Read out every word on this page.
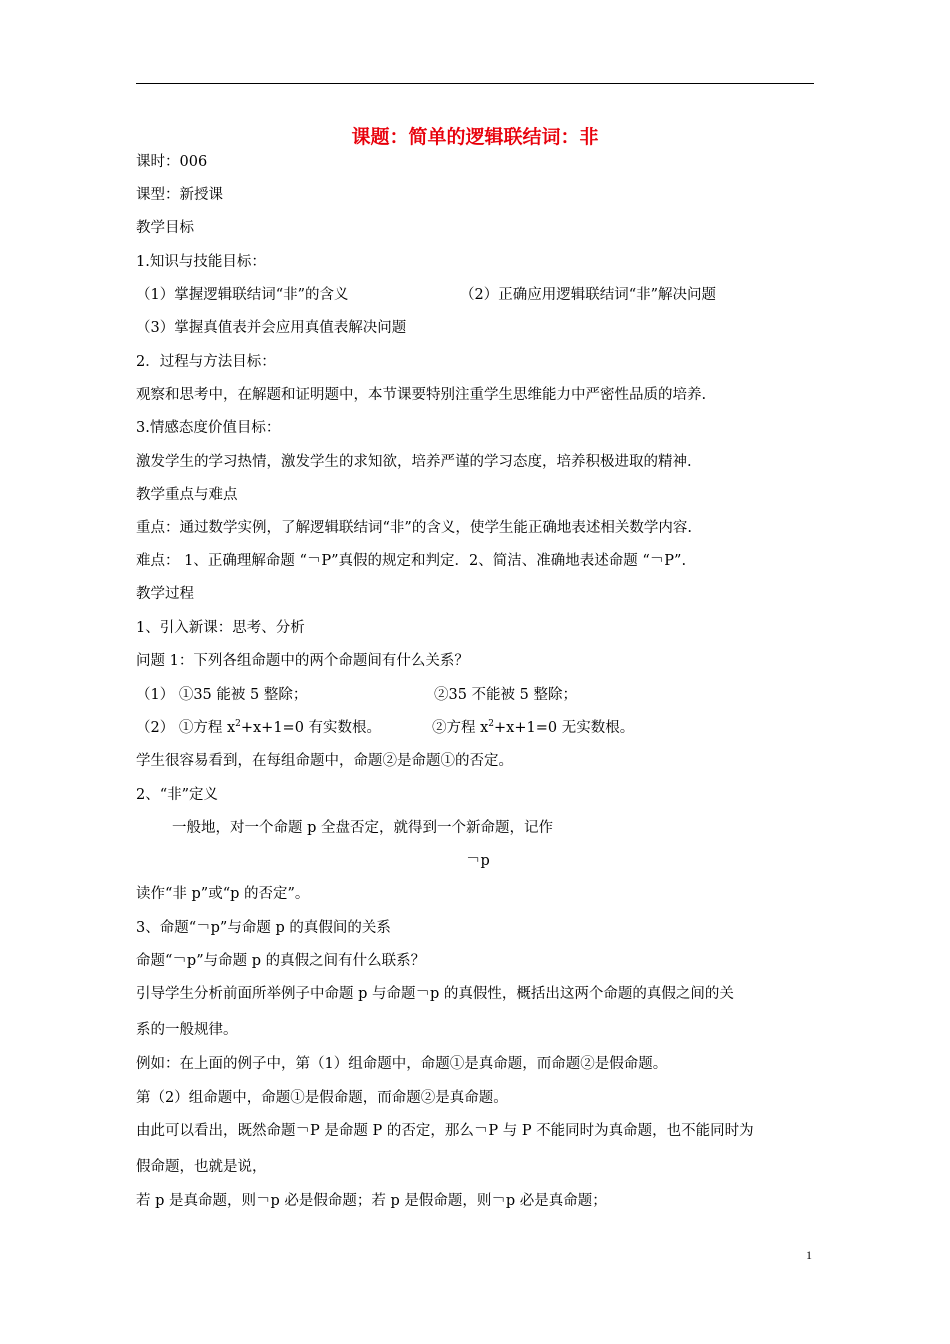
课题：简单的逻辑联结词：非
课时：006
课型：新授课
教学目标
1.知识与技能目标：
（1）掌握逻辑联结词“非”的含义	（2）正确应用逻辑联结词“非”解决问题
（3）掌握真值表并会应用真值表解决问题
2．过程与方法目标：
观察和思考中，在解题和证明题中，本节课要特别注重学生思维能力中严密性品质的培养.
3.情感态度价值目标：
激发学生的学习热情，激发学生的求知欲，培养严谨的学习态度，培养积极进取的精神.
教学重点与难点
重点：通过数学实例，了解逻辑联结词“非”的含义，使学生能正确地表述相关数学内容.
难点： 1、正确理解命题 “￢P”真假的规定和判定．2、简洁、准确地表述命题 “￢P”.
教学过程
1、引入新课：思考、分析
问题 1：下列各组命题中的两个命题间有什么关系？
（1） ①35 能被 5 整除；	②35 不能被 5 整除；
（2） ①方程 $x^2+x+1=0$ 有实数根。	②方程 $x^2+x+1=0$ 无实数根。
学生很容易看到，在每组命题中，命题②是命题①的否定。
2、“非”定义
一般地，对一个命题 p 全盘否定，就得到一个新命题，记作
￢p
读作“非 p”或“p 的否定”。
3、命题“￢p”与命题 p 的真假间的关系
命题“￢p”与命题 p 的真假之间有什么联系？
引导学生分析前面所举例子中命题 p 与命题￢p 的真假性，概括出这两个命题的真假之间的关
系的一般规律。
例如：在上面的例子中，第（1）组命题中，命题①是真命题，而命题②是假命题。
第（2）组命题中，命题①是假命题，而命题②是真命题。
由此可以看出，既然命题￢P 是命题 P 的否定，那么￢P 与 P 不能同时为真命题，也不能同时为
假命题，也就是说，
若 p 是真命题，则￢p 必是假命题；若 p 是假命题，则￢p 必是真命题；
1
